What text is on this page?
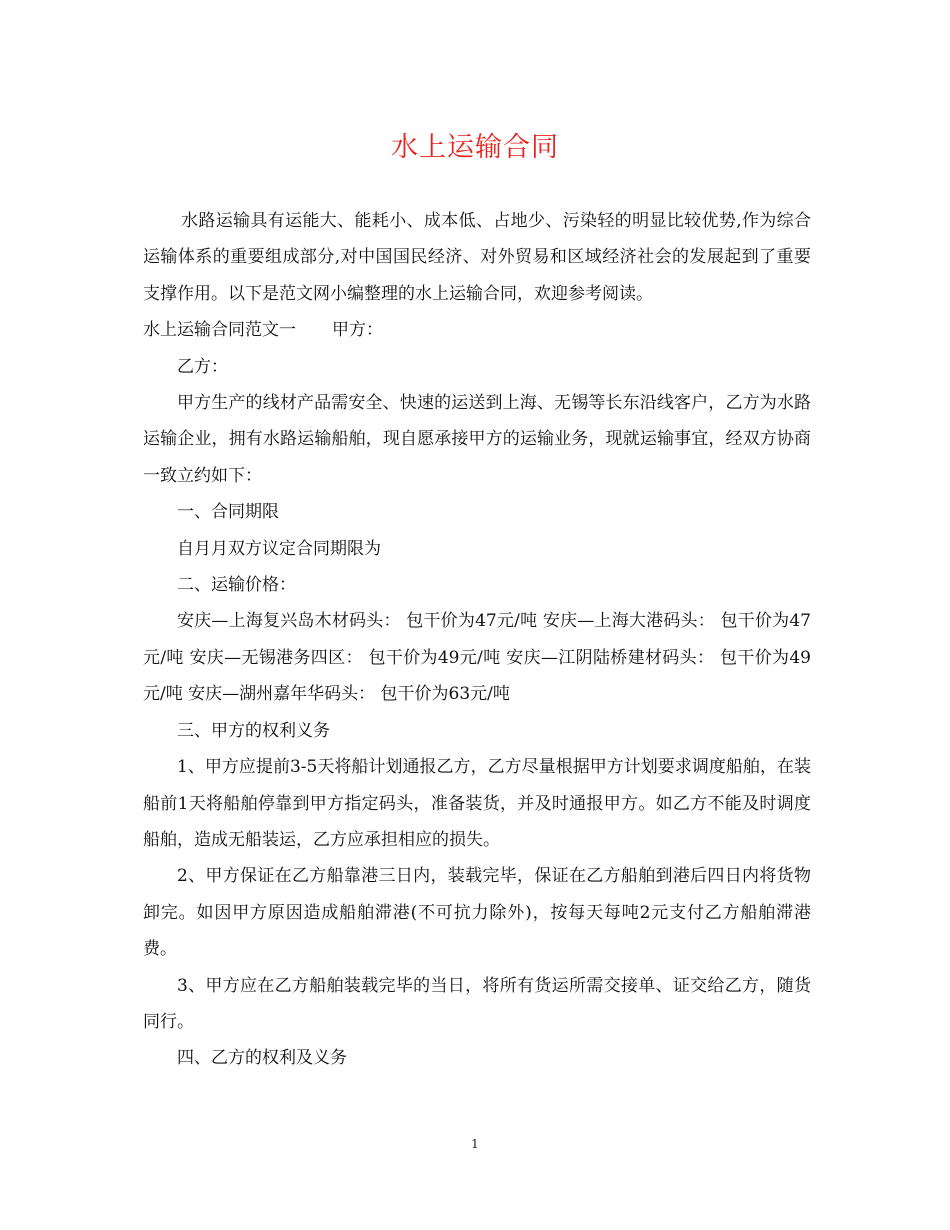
水上运输合同

水路运输具有运能大、能耗小、成本低、占地少、污染轻的明显比较优势,作为综合运输体系的重要组成部分,对中国国民经济、对外贸易和区域经济社会的发展起到了重要支撑作用。以下是范文网小编整理的水上运输合同，欢迎参考阅读。

水上运输合同范文一 甲方：

乙方：

甲方生产的线材产品需安全、快速的运送到上海、无锡等长东沿线客户，乙方为水路运输企业，拥有水路运输船舶，现自愿承接甲方的运输业务，现就运输事宜，经双方协商一致立约如下：

一、合同期限

自月月双方议定合同期限为

二、运输价格：

安庆—上海复兴岛木材码头： 包干价为47元/吨 安庆—上海大港码头： 包干价为47元/吨 安庆—无锡港务四区： 包干价为49元/吨 安庆—江阴陆桥建材码头： 包干价为49元/吨 安庆—湖州嘉年华码头： 包干价为63元/吨

三、甲方的权利义务

1、甲方应提前3-5天将船计划通报乙方，乙方尽量根据甲方计划要求调度船舶，在装船前1天将船舶停靠到甲方指定码头，准备装货，并及时通报甲方。如乙方不能及时调度船舶，造成无船装运，乙方应承担相应的损失。

2、甲方保证在乙方船靠港三日内，装载完毕，保证在乙方船舶到港后四日内将货物卸完。如因甲方原因造成船舶滞港(不可抗力除外)，按每天每吨2元支付乙方船舶滞港费。

3、甲方应在乙方船舶装载完毕的当日，将所有货运所需交接单、证交给乙方，随货同行。

四、乙方的权利及义务

1
